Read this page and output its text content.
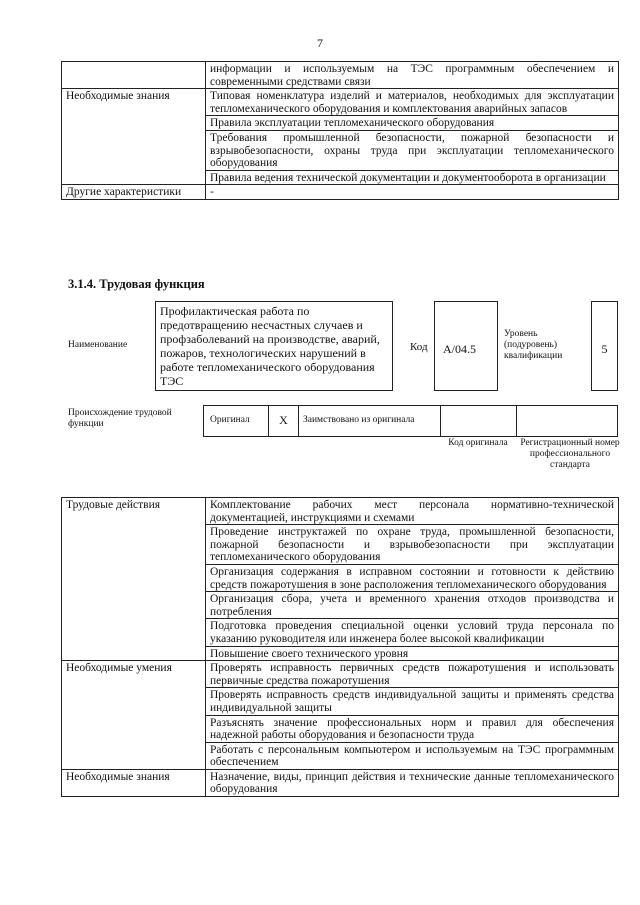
7
	информации и используемым на ТЭС программным обеспечением и современными средствами связи
Необходимые знания	Типовая номенклатура изделий и материалов, необходимых для эксплуатации тепломеханического оборудования и комплектования аварийных запасов
	Правила эксплуатации тепломеханического оборудования
	Требования промышленной безопасности, пожарной безопасности и взрывобезопасности, охраны труда при эксплуатации тепломеханического оборудования
	Правила ведения технической документации и документооборота в организации
Другие характеристики	-
3.1.4. Трудовая функция
Наименование
Профилактическая работа по предотвращению несчастных случаев и профзаболеваний на производстве, аварий, пожаров, технологических нарушений в работе тепломеханического оборудования ТЭС
Код	A/04.5
Уровень (подуровень) квалификации	5
Происхождение трудовой функции	Оригинал	X	Заимствовано из оригинала
Код оригинала Регистрационный номер профессионального стандарта
Трудовые действия	Комплектование рабочих мест персонала нормативно-технической документацией, инструкциями и схемами
	Проведение инструктажей по охране труда, промышленной безопасности, пожарной безопасности и взрывобезопасности при эксплуатации тепломеханического оборудования
	Организация содержания в исправном состоянии и готовности к действию средств пожаротушения в зоне расположения тепломеханического оборудования
	Организация сбора, учета и временного хранения отходов производства и потребления
	Подготовка проведения специальной оценки условий труда персонала по указанию руководителя или инженера более высокой квалификации
	Повышение своего технического уровня
Необходимые умения	Проверять исправность первичных средств пожаротушения и использовать первичные средства пожаротушения
	Проверять исправность средств индивидуальной защиты и применять средства индивидуальной защиты
	Разъяснять значение профессиональных норм и правил для обеспечения надежной работы оборудования и безопасности труда
	Работать с персональным компьютером и используемым на ТЭС программным обеспечением
Необходимые знания	Назначение, виды, принцип действия и технические данные тепломеханического оборудования
